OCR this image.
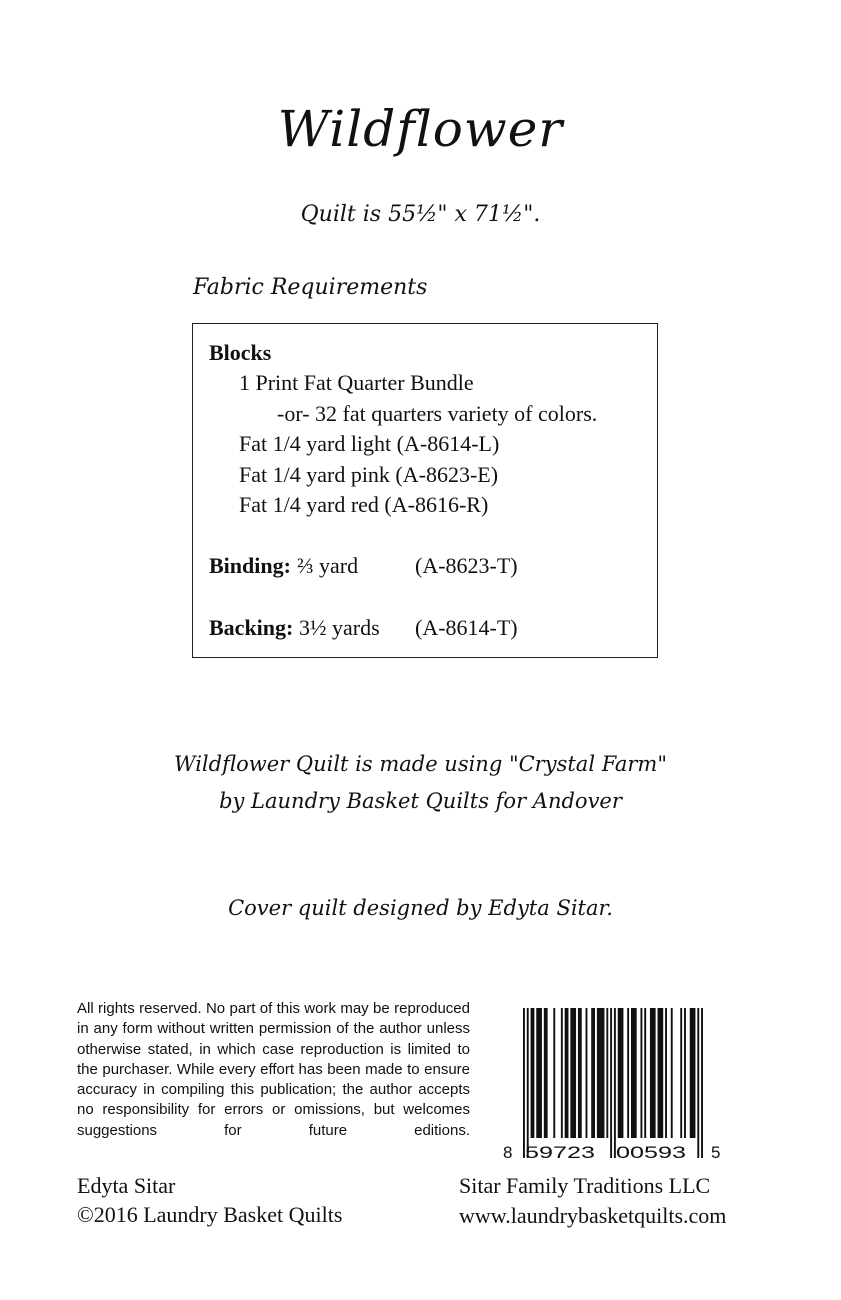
Wildflower
Quilt is 55½" x 71½".
Fabric Requirements
Blocks
1 Print Fat Quarter Bundle
-or- 32 fat quarters variety of colors.
Fat 1/4 yard light (A-8614-L)
Fat 1/4 yard pink (A-8623-E)
Fat 1/4 yard red (A-8616-R)
Binding: ⅔ yard	(A-8623-T)
Backing: 3½ yards (A-8614-T)
Wildflower Quilt is made using "Crystal Farm"
by Laundry Basket Quilts for Andover
Cover quilt designed by Edyta Sitar.
All rights reserved. No part of this work may be reproduced in any form without written permission of the author unless otherwise stated, in which case reproduction is limited to the purchaser. While every effort has been made to ensure accuracy in compiling this publication; the author accepts no responsibility for errors or omissions, but welcomes suggestions for future editions.
Edyta Sitar
©2016 Laundry Basket Quilts
Sitar Family Traditions LLC
www.laundrybasketquilts.com
8 59723 00593 5
